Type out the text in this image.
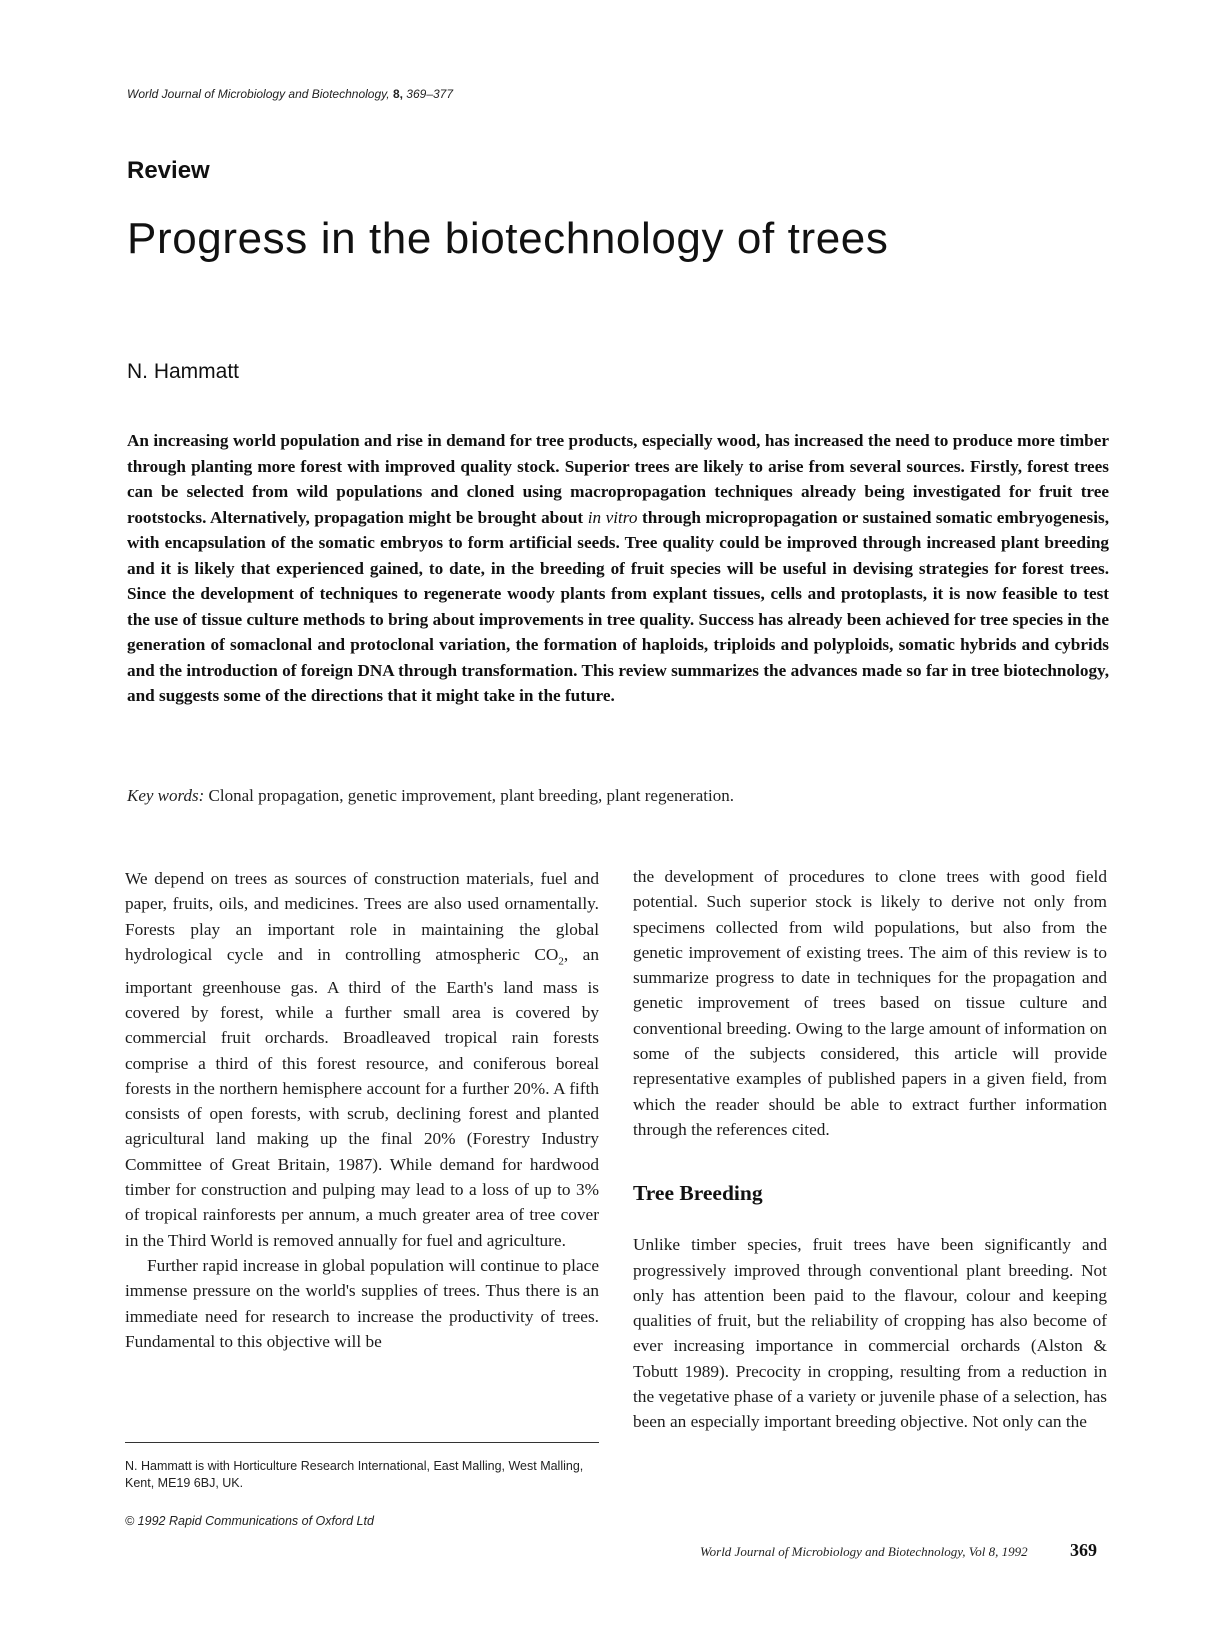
World Journal of Microbiology and Biotechnology, 8, 369–377
Review
Progress in the biotechnology of trees
N. Hammatt
An increasing world population and rise in demand for tree products, especially wood, has increased the need to produce more timber through planting more forest with improved quality stock. Superior trees are likely to arise from several sources. Firstly, forest trees can be selected from wild populations and cloned using macropropagation techniques already being investigated for fruit tree rootstocks. Alternatively, propagation might be brought about in vitro through micropropagation or sustained somatic embryogenesis, with encapsulation of the somatic embryos to form artificial seeds. Tree quality could be improved through increased plant breeding and it is likely that experienced gained, to date, in the breeding of fruit species will be useful in devising strategies for forest trees. Since the development of techniques to regenerate woody plants from explant tissues, cells and protoplasts, it is now feasible to test the use of tissue culture methods to bring about improvements in tree quality. Success has already been achieved for tree species in the generation of somaclonal and protoclonal variation, the formation of haploids, triploids and polyploids, somatic hybrids and cybrids and the introduction of foreign DNA through transformation. This review summarizes the advances made so far in tree biotechnology, and suggests some of the directions that it might take in the future.
Key words: Clonal propagation, genetic improvement, plant breeding, plant regeneration.

We depend on trees as sources of construction materials, fuel and paper, fruits, oils, and medicines. Trees are also used ornamentally. Forests play an important role in maintaining the global hydrological cycle and in controlling atmospheric $CO_2$, an important greenhouse gas. A third of the Earth's land mass is covered by forest, while a further small area is covered by commercial fruit orchards. Broadleaved tropical rain forests comprise a third of this forest resource, and coniferous boreal forests in the northern hemisphere account for a further 20%. A fifth consists of open forests, with scrub, declining forest and planted agricultural land making up the final 20% (Forestry Industry Committee of Great Britain, 1987). While demand for hardwood timber for construction and pulping may lead to a loss of up to 3% of tropical rainforests per annum, a much greater area of tree cover in the Third World is removed annually for fuel and agriculture.

Further rapid increase in global population will continue to place immense pressure on the world's supplies of trees. Thus there is an immediate need for research to increase the productivity of trees. Fundamental to this objective will be

the development of procedures to clone trees with good field potential. Such superior stock is likely to derive not only from specimens collected from wild populations, but also from the genetic improvement of existing trees. The aim of this review is to summarize progress to date in techniques for the propagation and genetic improvement of trees based on tissue culture and conventional breeding. Owing to the large amount of information on some of the subjects considered, this article will provide representative examples of published papers in a given field, from which the reader should be able to extract further information through the references cited.

Tree Breeding

Unlike timber species, fruit trees have been significantly and progressively improved through conventional plant breeding. Not only has attention been paid to the flavour, colour and keeping qualities of fruit, but the reliability of cropping has also become of ever increasing importance in commercial orchards (Alston & Tobutt 1989). Precocity in cropping, resulting from a reduction in the vegetative phase of a variety or juvenile phase of a selection, has been an especially important breeding objective. Not only can the

N. Hammatt is with Horticulture Research International, East Malling, West Malling, Kent, ME19 6BJ, UK.
© 1992 Rapid Communications of Oxford Ltd
World Journal of Microbiology and Biotechnology, Vol 8, 1992 369
